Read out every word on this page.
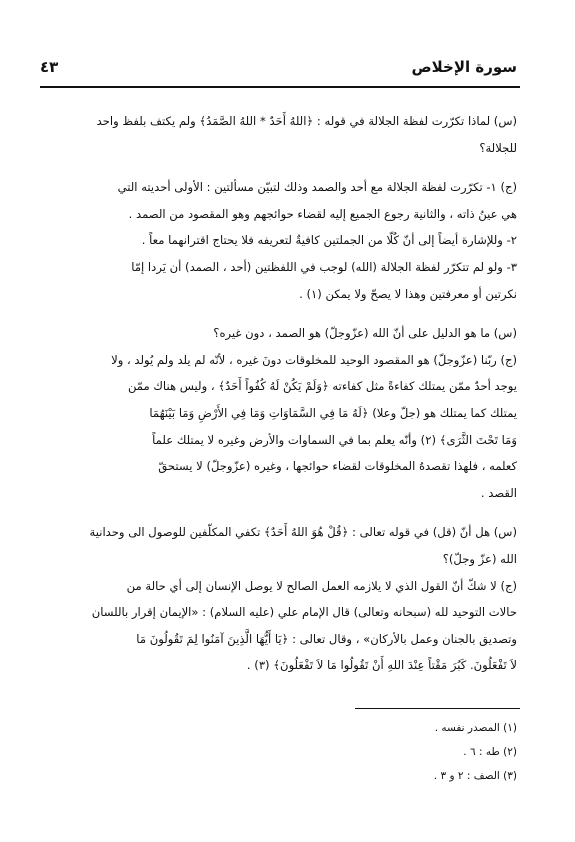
سورة الإخلاص
٤٣

(س) لماذا تكرّرت لفظة الجلالة في قوله : ﴿اللهُ أَحَدٌ * اللهُ الصَّمَدُ﴾ ولم يكتف بلفظ واحد

للجلالة؟

(ج) ١- تكرّرت لفظة الجلالة مع أحد والصمد وذلك لتبيّن مسألتين : الأولى أحديته التي

هي عينُ ذاته ، والثانية رجوع الجميع إليه لقضاء حوائجهم وهو المقصود من الصمد .

٢- وللإشارة أيضاً إلى أنّ كُلّا من الجملتين كافيةٌ لتعريفه فلا يحتاج اقترانهما معاً .

٣- ولو لم تتكرّر لفظة الجلالة (الله) لوجب في اللفظتين (أحد ، الصمد) أن يَردا إمّا

نكرتين أو معرفتين وهذا لا يصحّ ولا يمكن (١) .

(س) ما هو الدليل على أنّ الله (عزّوجلّ) هو الصمد ، دون غيره؟

(ج) ربّنا (عزّوجلّ) هو المقصود الوحيد للمخلوقات دونَ غيره ، لأنّه لم يلد ولم يُولد ، ولا

يوجد أحدٌ ممّن يمتلك كفاءةً مثل كفاءته ﴿وَلَمْ يَكُنْ لَهُ كُفُواً أَحَدٌ﴾ ، وليس هناك ممّن

يمتلك كما يمتلك هو (جلّ وعلا) ﴿لَهُ مَا فِي السَّمَاوَاتِ وَمَا فِي الأَرْضِ وَمَا بَيْنَهُمَا

وَمَا تَحْتَ الثَّرَى﴾ (٢) وأنّه يعلم بما في السماوات والأرض وغيره لا يمتلك علماً

كعلمه ، فلهذا تقصدهُ المخلوقات لقضاء حوائجها ، وغيره (عزّوجلّ) لا يستحقّ

القصد .

(س) هل أنّ (قل) في قوله تعالى : ﴿قُلْ هُوَ اللهُ أَحَدٌ﴾ تكفي المكلّفين للوصول الى وحدانية

الله (عزّ وجلّ)؟

(ج) لا شكّ أنّ القول الذي لا يلازمه العمل الصالح لا يوصل الإنسان إلى أي حالة من

حالات التوحيد لله (سبحانه وتعالى) قال الإمام علي (عليه السلام) : «الإيمان إقرار باللسان

وتصديق بالجنان وعمل بالأركان» ، وقال تعالى : ﴿يَا أَيُّهَا الَّذِينَ آمَنُوا لِمَ تَقُولُونَ مَا

لاَ تَفْعَلُونَ. كَبُرَ مَقْتاً عِنْدَ اللهِ أَنْ تَقُولُوا مَا لاَ تَفْعَلُونَ﴾ (٣) .

(١) المصدر نفسه .

(٢) طه : ٦ .

(٣) الصف : ٢ و ٣ .
